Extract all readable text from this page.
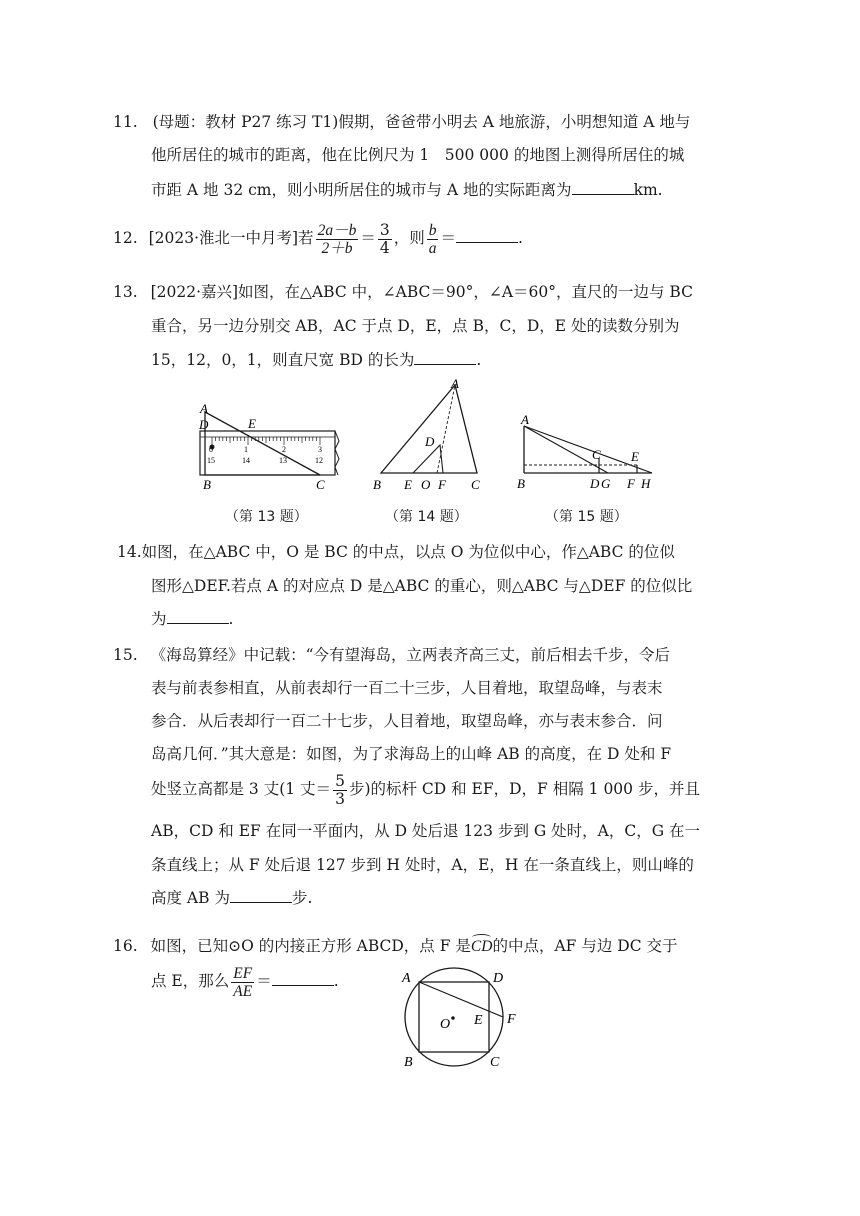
11. (母题：教材 P27 练习 T1)假期，爸爸带小明去 A 地旅游，小明想知道 A 地与
他所居住的城市的距离，他在比例尺为 1　500 000 的地图上测得所居住的城
市距 A 地 32 cm，则小明所居住的城市与 A 地的实际距离为	km.
12. [2023·淮北一中月考]若 $\frac{2a-b}{2+b} = \frac{3}{4}$ ，则 $\frac{b}{a}$ ＝	.
13. [2022·嘉兴]如图，在△ABC 中，∠ABC＝90°，∠A＝60°，直尺的一边与 BC
重合，另一边分别交 AB，AC 于点 D，E，点 B，C，D，E 处的读数分别为
15，12，0，1，则直尺宽 BD 的长为	.
A
D	E
B	C
0	1	2	3
15	14	13	12
（第 13 题）
A
D
B E O F C
（第 14 题）
A
C E
B	D G F H
（第 15 题）
14.如图，在△ABC 中，O 是 BC 的中点，以点 O 为位似中心，作△ABC 的位似
图形△DEF.若点 A 的对应点 D 是△ABC 的重心，则△ABC 与△DEF 的位似比
为	.
15. 《海岛算经》中记载：“今有望海岛，立两表齐高三丈，前后相去千步，令后
表与前表参相直，从前表却行一百二十三步，人目着地，取望岛峰，与表末
参合．从后表却行一百二十七步，人目着地，取望岛峰，亦与表末参合．问
岛高几何．”其大意是：如图，为了求海岛上的山峰 AB 的高度，在 D 处和 F
处竖立高都是 3 丈(1 丈＝ $\frac{5}{3}$ 步)的标杆 CD 和 EF，D，F 相隔 1 000 步，并且
AB，CD 和 EF 在同一平面内，从 D 处后退 123 步到 G 处时，A，C，G 在一
条直线上；从 F 处后退 127 步到 H 处时，A，E，H 在一条直线上，则山峰的
高度 AB 为	步.
16. 如图，已知⊙O 的内接正方形 ABCD，点 F 是CD的中点，AF 与边 DC 交于
点 E，那么 $\frac{EF}{AE}$ ＝	.	A	D
O E F
B	C
